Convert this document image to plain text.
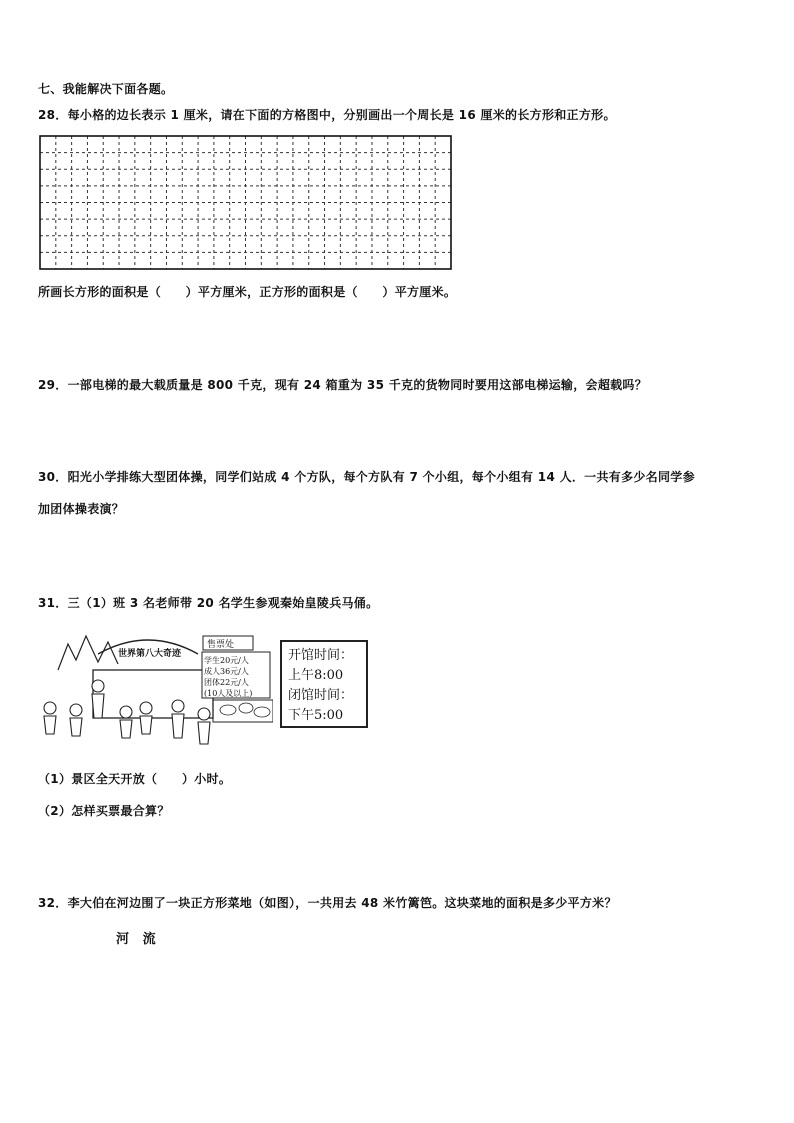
七、我能解决下面各题。
28．每小格的边长表示 1 厘米，请在下面的方格图中，分别画出一个周长是 16 厘米的长方形和正方形。
所画长方形的面积是（　　）平方厘米，正方形的面积是（　　）平方厘米。
29．一部电梯的最大载质量是 800 千克，现有 24 箱重为 35 千克的货物同时要用这部电梯运输，会超载吗？
30．阳光小学排练大型团体操，同学们站成 4 个方队，每个方队有 7 个小组，每个小组有 14 人．一共有多少名同学参
加团体操表演？
31．三（1）班 3 名老师带 20 名学生参观秦始皇陵兵马俑。
世界第八大奇迹
售票处
学生20元/人
成人36元/人
团体22元/人
(10人及以上)
开馆时间：
上午8:00
闭馆时间：
下午5:00
（1）景区全天开放（　　）小时。
（2）怎样买票最合算？
32．李大伯在河边围了一块正方形菜地（如图），一共用去 48 米竹篱笆。这块菜地的面积是多少平方米？
河　流
